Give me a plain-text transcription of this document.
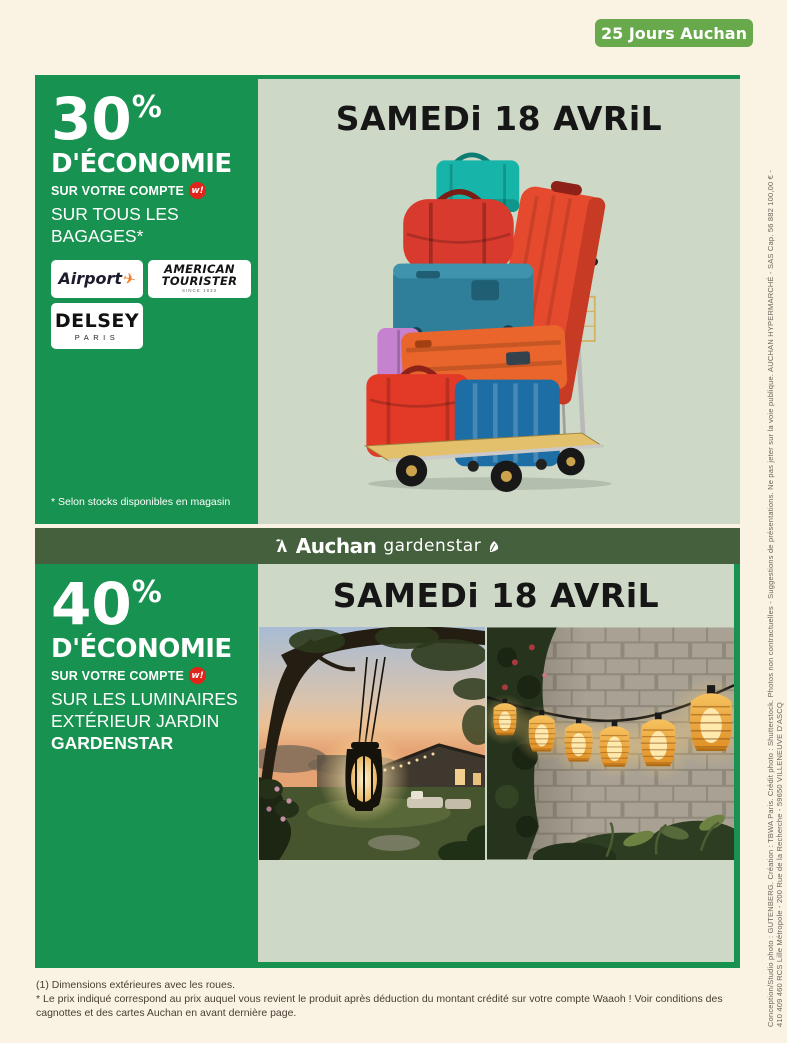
25 Jours Auchan
30%
D'ÉCONOMIE
SUR VOTRE COMPTE w!
SUR TOUS LES BAGAGES*
Airport✈
AMERICAN
TOURISTER
SINCE 1933
DELSEY
PARIS
* Selon stocks disponibles en magasin
SAMEDi 18 AVRiL
Auchan gardenstar
40%
D'ÉCONOMIE
SUR VOTRE COMPTE w!
SUR LES LUMINAIRES
EXTÉRIEUR JARDIN
GARDENSTAR
SAMEDi 18 AVRiL
(1) Dimensions extérieures avec les roues.
* Le prix indiqué correspond au prix auquel vous revient le produit après déduction du montant crédité sur votre compte Waaoh ! Voir conditions des cagnottes et des cartes Auchan en avant dernière page.	Conception/Studio photo : GUTENBERG. Création : TBWA Paris. Crédit photo : Shutterstock. Photos non contractuelles - Suggestions de présentations. Ne pas jeter sur la voie publique. AUCHAN HYPERMARCHÉ - SAS Cap. 56 882 100,00 € - 410 409 460 RCS Lille Métropole - 200 Rue de la Recherche - 59650 VILLENEUVE D'ASCQ
